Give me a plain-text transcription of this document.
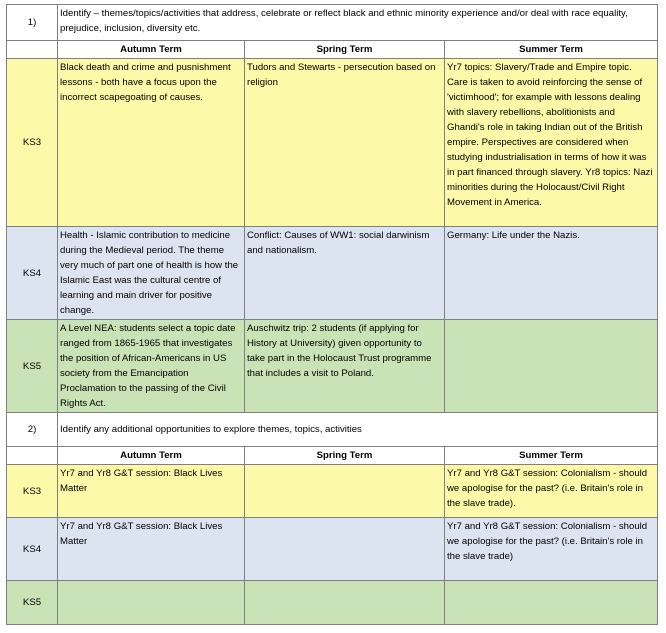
1)	Identify – themes/topics/activities that address, celebrate or reflect black and ethnic minority experience and/or deal with race equality, prejudice, inclusion, diversity etc.		
	Autumn Term	Spring Term	Summer Term
KS3	Black death and crime and pusnishment lessons - both have a focus upon the incorrect scapegoating of causes.	Tudors and Stewarts - persecution based on religion	Yr7 topics: Slavery/Trade and Empire topic. Care is taken to avoid reinforcing the sense of 'victimhood'; for example with lessons dealing with slavery rebellions, abolitionists and Ghandi's role in taking Indian out of the British empire. Perspectives are considered when studying industrialisation in terms of how it was in part financed through slavery. Yr8 topics: Nazi minorities during the Holocaust/Civil Right Movement in America.
KS4	Health - Islamic contribution to medicine during the Medieval period. The theme very much of part one of health is how the Islamic East was the cultural centre of learning and main driver for positive change.	Conflict: Causes of WW1: social darwinism and nationalism.	Germany: Life under the Nazis.
KS5	A Level NEA: students select a topic date ranged from 1865-1965 that investigates the position of African-Americans in US society from the Emancipation Proclamation to the passing of the Civil Rights Act.	Auschwitz trip: 2 students (if applying for History at University) given opportunity to take part in the Holocaust Trust programme that includes a visit to Poland.	
2)	Identify any additional opportunities to explore themes, topics, activities		
	Autumn Term	Spring Term	Summer Term
KS3	Yr7 and Yr8 G&T session: Black Lives Matter		Yr7 and Yr8 G&T session: Colonialism - should we apologise for the past? (i.e. Britain's role in the slave trade).
KS4	Yr7 and Yr8 G&T session: Black Lives Matter		Yr7 and Yr8 G&T session: Colonialism - should we apologise for the past? (i.e. Britain's role in the slave trade)
KS5			
